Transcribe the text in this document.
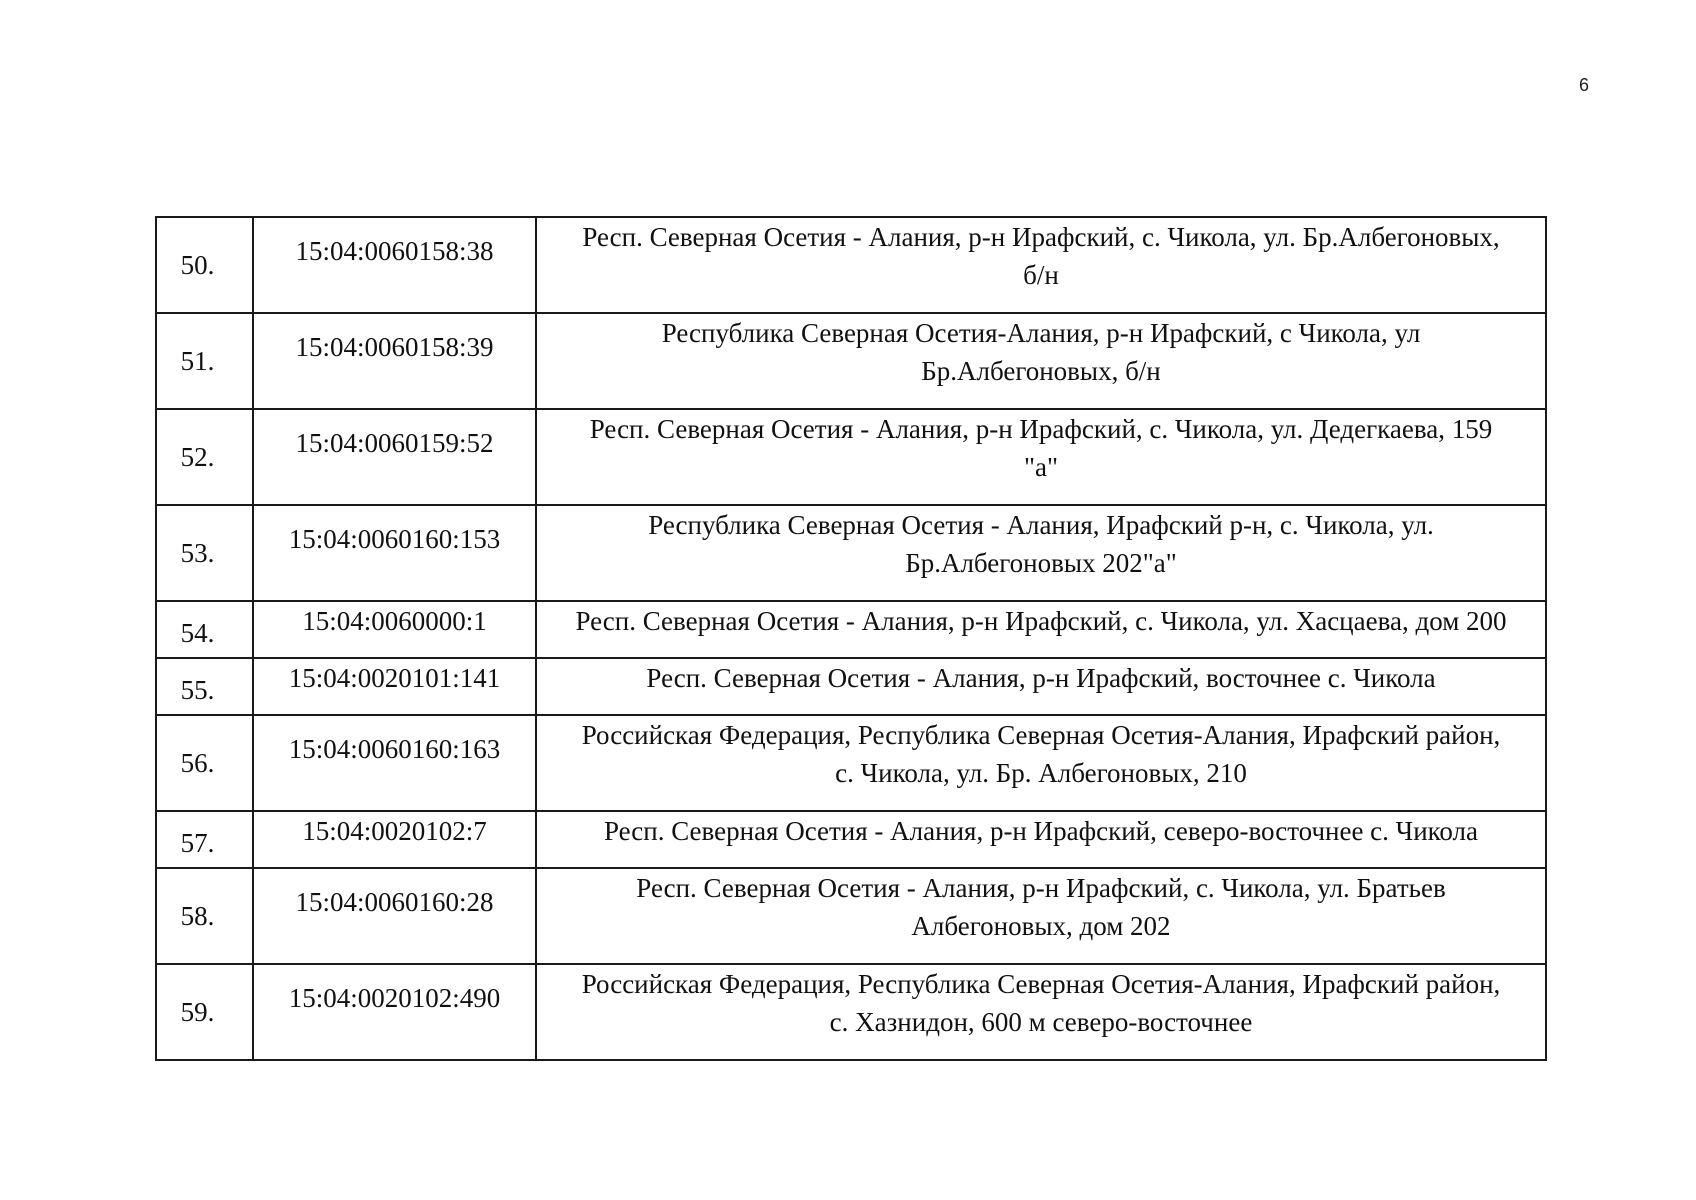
6
50.	15:04:0060158:38	Респ. Северная Осетия - Алания, р-н Ирафский, с. Чикола, ул. Бр.Албегоновых,
б/н

51.	15:04:0060158:39	Республика Северная Осетия-Алания, р-н Ирафский, с Чикола, ул
Бр.Албегоновых, б/н

52.	15:04:0060159:52	Респ. Северная Осетия - Алания, р-н Ирафский, с. Чикола, ул. Дедегкаева, 159
"а"

53.	15:04:0060160:153	Республика Северная Осетия - Алания, Ирафский р-н, с. Чикола, ул.
Бр.Албегоновых 202"а"

54.	15:04:0060000:1	Респ. Северная Осетия - Алания, р-н Ирафский, с. Чикола, ул. Хасцаева, дом 200

55.	15:04:0020101:141	Респ. Северная Осетия - Алания, р-н Ирафский, восточнее с. Чикола

56.	15:04:0060160:163	Российская Федерация, Республика Северная Осетия-Алания, Ирафский район,
с. Чикола, ул. Бр. Албегоновых, 210

57.	15:04:0020102:7	Респ. Северная Осетия - Алания, р-н Ирафский, северо-восточнее с. Чикола

58.	15:04:0060160:28	Респ. Северная Осетия - Алания, р-н Ирафский, с. Чикола, ул. Братьев
Албегоновых, дом 202

59.	15:04:0020102:490	Российская Федерация, Республика Северная Осетия-Алания, Ирафский район,
с. Хазнидон, 600 м северо-восточнее
